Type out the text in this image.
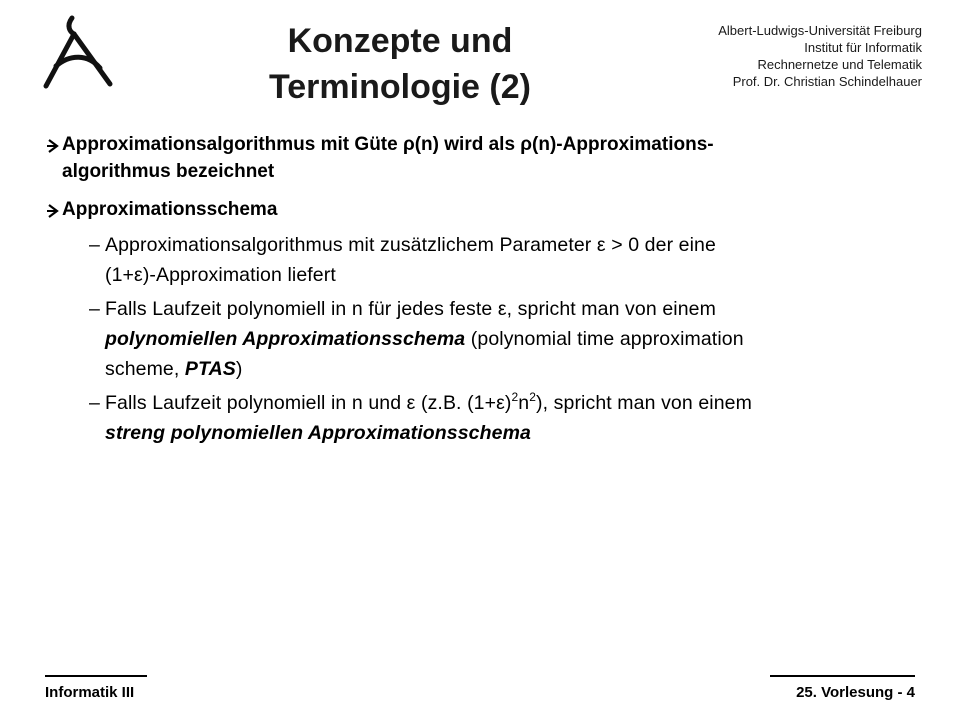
Konzepte und
Terminologie (2)
Albert-Ludwigs-Universität Freiburg
Institut für Informatik
Rechnernetze und Telematik
Prof. Dr. Christian Schindelhauer
Approximationsalgorithmus mit Güte ρ(n) wird als ρ(n)-Approximations-
algorithmus bezeichnet
Approximationsschema
– Approximationsalgorithmus mit zusätzlichem Parameter ε > 0 der eine
(1+ε)-Approximation liefert
– Falls Laufzeit polynomiell in n für jedes feste ε, spricht man von einem
polynomiellen Approximationsschema (polynomial time approximation
scheme, PTAS)
– Falls Laufzeit polynomiell in n und ε (z.B. $(1+\varepsilon)^2n^2$), spricht man von einem
streng polynomiellen Approximationsschema
Informatik III	25. Vorlesung - 4
